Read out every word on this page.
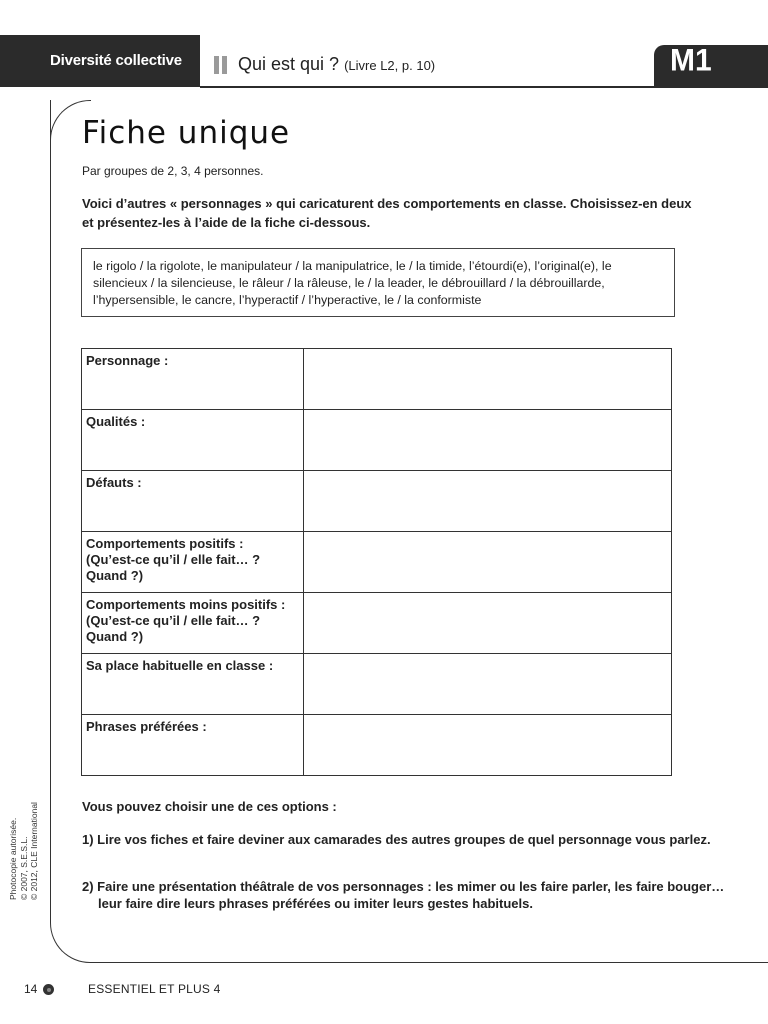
Diversité collective	Qui est qui ? (Livre L2, p. 10)	M1
Fiche unique
Par groupes de 2, 3, 4 personnes.
Voici d’autres « personnages » qui caricaturent des comportements en classe. Choisissez-en deux et présentez-les à l’aide de la fiche ci-dessous.
le rigolo / la rigolote, le manipulateur / la manipulatrice, le / la timide, l’étourdi(e), l’original(e), le silencieux / la silencieuse, le râleur / la râleuse, le / la leader, le débrouillard / la débrouillarde, l’hypersensible, le cancre, l’hyperactif / l’hyperactive, le / la conformiste
Personnage :	

Qualités :	

Défauts :	

Comportements positifs :
(Qu’est-ce qu’il / elle fait… ?
Quand ?)	

Comportements moins positifs :
(Qu’est-ce qu’il / elle fait… ?
Quand ?)	

Sa place habituelle en classe :	

Phrases préférées :	

Vous pouvez choisir une de ces options :
1) Lire vos fiches et faire deviner aux camarades des autres groupes de quel personnage vous parlez.
2) Faire une présentation théâtrale de vos personnages : les mimer ou les faire parler, les faire bouger… leur faire dire leurs phrases préférées ou imiter leurs gestes habituels.
Photocopie autorisée. © 2007, S.E.S.L. © 2012, CLE International
14	ESSENTIEL ET PLUS 4
